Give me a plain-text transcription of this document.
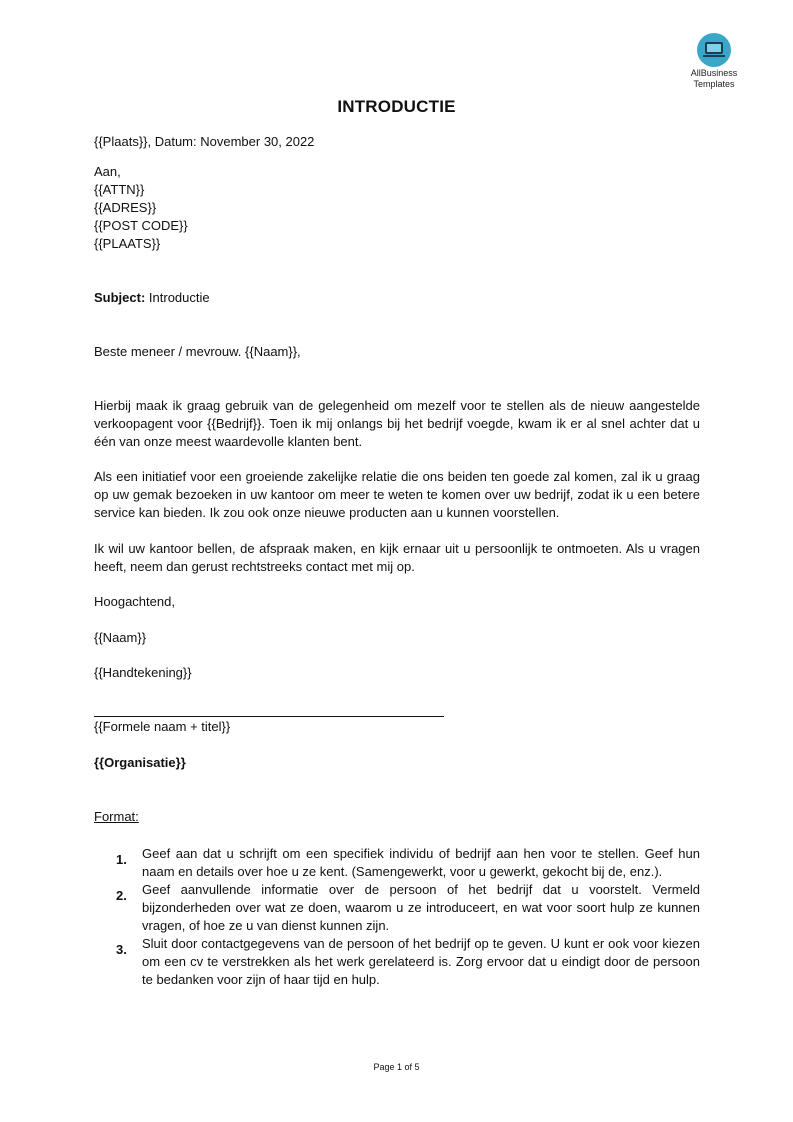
AllBusiness
Templates
INTRODUCTIE
{{Plaats}}, Datum: November 30, 2022
Aan,
{{ATTN}}
{{ADRES}}
{{POST CODE}}
{{PLAATS}}
Subject: Introductie
Beste meneer / mevrouw. {{Naam}},
Hierbij maak ik graag gebruik van de gelegenheid om mezelf voor te stellen als de nieuw aangestelde verkoopagent voor {{Bedrijf}}. Toen ik mij onlangs bij het bedrijf voegde, kwam ik er al snel achter dat u één van onze meest waardevolle klanten bent.
Als een initiatief voor een groeiende zakelijke relatie die ons beiden ten goede zal komen, zal ik u graag op uw gemak bezoeken in uw kantoor om meer te weten te komen over uw bedrijf, zodat ik u een betere service kan bieden. Ik zou ook onze nieuwe producten aan u kunnen voorstellen.
Ik wil uw kantoor bellen, de afspraak maken, en kijk ernaar uit u persoonlijk te ontmoeten. Als u vragen heeft, neem dan gerust rechtstreeks contact met mij op.
Hoogachtend,
{{Naam}}
{{Handtekening}}
{{Formele naam + titel}}
{{Organisatie}}
Format:
1. Geef aan dat u schrijft om een specifiek individu of bedrijf aan hen voor te stellen. Geef hun naam en details over hoe u ze kent. (Samengewerkt, voor u gewerkt, gekocht bij de, enz.).
2. Geef aanvullende informatie over de persoon of het bedrijf dat u voorstelt. Vermeld bijzonderheden over wat ze doen, waarom u ze introduceert, en wat voor soort hulp ze kunnen vragen, of hoe ze u van dienst kunnen zijn.
3. Sluit door contactgegevens van de persoon of het bedrijf op te geven. U kunt er ook voor kiezen om een cv te verstrekken als het werk gerelateerd is. Zorg ervoor dat u eindigt door de persoon te bedanken voor zijn of haar tijd en hulp.
Page 1 of 5
